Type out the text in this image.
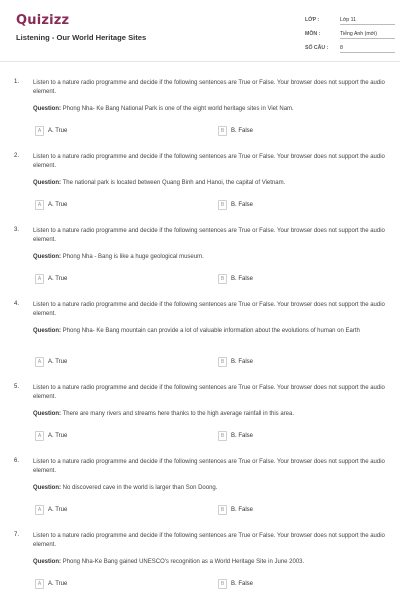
Quizizz
Listening - Our World Heritage Sites
LỚP :	Lớp 11
MÔN :	Tiếng Anh (mới)
SỐ CÂU : 8
1. Listen to a nature radio programme and decide if the following sentences are True or False. Your browser does not support the audio element.
Question: Phong Nha- Ke Bang National Park is one of the eight world heritage sites in Viet Nam.
A	A. True	B	B. False
2. Listen to a nature radio programme and decide if the following sentences are True or False. Your browser does not support the audio element.
Question: The national park is located between Quang Binh and Hanoi, the capital of Vietnam.
A	A. True	B	B. False
3. Listen to a nature radio programme and decide if the following sentences are True or False. Your browser does not support the audio element.
Question: Phong Nha - Bang is like a huge geological museum.
A	A. True	B	B. False
4. Listen to a nature radio programme and decide if the following sentences are True or False. Your browser does not support the audio element.
Question: Phong Nha- Ke Bang mountain can provide a lot of valuable information about the evolutions of human on Earth
A	A. True	B	B. False
5. Listen to a nature radio programme and decide if the following sentences are True or False. Your browser does not support the audio element.
Question: There are many rivers and streams here thanks to the high average rainfall in this area.
A	A. True	B	B. False
6. Listen to a nature radio programme and decide if the following sentences are True or False. Your browser does not support the audio element.
Question: No discovered cave in the world is larger than Son Doong.
A	A. True	B	B. False
7. Listen to a nature radio programme and decide if the following sentences are True or False. Your browser does not support the audio element.
Question: Phong Nha-Ke Bang gained UNESCO's recognition as a World Heritage Site in June 2003.
A	A. True	B	B. False
